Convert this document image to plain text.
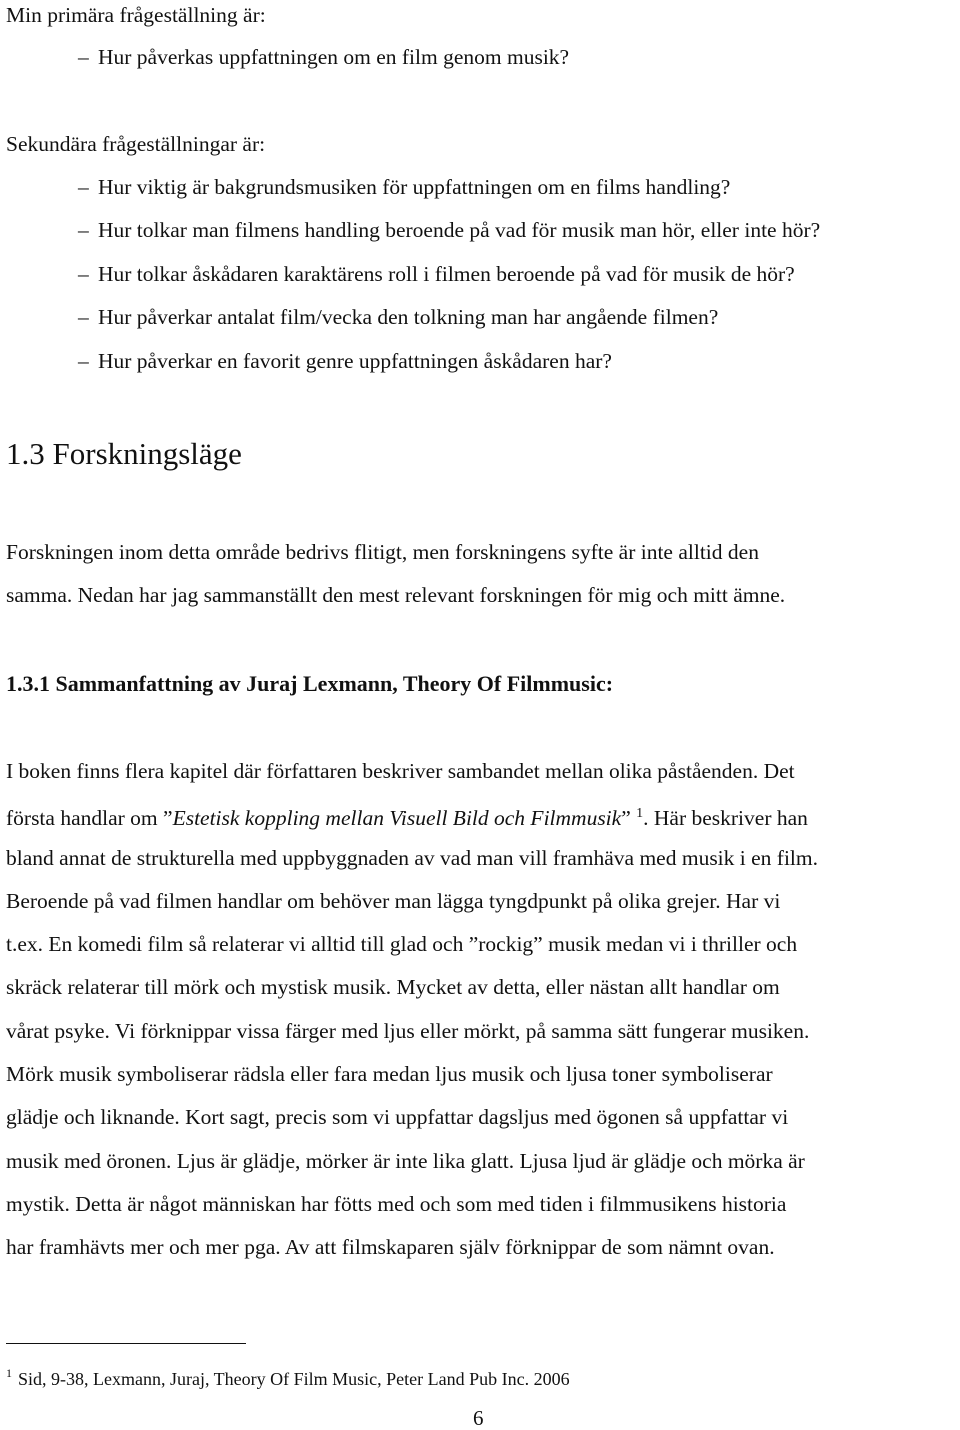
Min primära frågeställning är:
– Hur påverkas uppfattningen om en film genom musik?
Sekundära frågeställningar är:
– Hur viktig är bakgrundsmusiken för uppfattningen om en films handling?
– Hur tolkar man filmens handling beroende på vad för musik man hör, eller inte hör?
– Hur tolkar åskådaren karaktärens roll i filmen beroende på vad för musik de hör?
– Hur påverkar antalat film/vecka den tolkning man har angående filmen?
– Hur påverkar en favorit genre uppfattningen åskådaren har?
1.3 Forskningsläge
Forskningen inom detta område bedrivs flitigt, men forskningens syfte är inte alltid den
samma. Nedan har jag sammanställt den mest relevant forskningen för mig och mitt ämne.
1.3.1 Sammanfattning av Juraj Lexmann, Theory Of Filmmusic:
I boken finns flera kapitel där författaren beskriver sambandet mellan olika påståenden. Det
första handlar om ”Estetisk koppling mellan Visuell Bild och Filmmusik” $^1$. Här beskriver han
bland annat de strukturella med uppbyggnaden av vad man vill framhäva med musik i en film.
Beroende på vad filmen handlar om behöver man lägga tyngdpunkt på olika grejer. Har vi
t.ex. En komedi film så relaterar vi alltid till glad och ”rockig” musik medan vi i thriller och
skräck relaterar till mörk och mystisk musik. Mycket av detta, eller nästan allt handlar om
vårat psyke. Vi förknippar vissa färger med ljus eller mörkt, på samma sätt fungerar musiken.
Mörk musik symboliserar rädsla eller fara medan ljus musik och ljusa toner symboliserar
glädje och liknande. Kort sagt, precis som vi uppfattar dagsljus med ögonen så uppfattar vi
musik med öronen. Ljus är glädje, mörker är inte lika glatt. Ljusa ljud är glädje och mörka är
mystik. Detta är något människan har fötts med och som med tiden i filmmusikens historia
har framhävts mer och mer pga. Av att filmskaparen själv förknippar de som nämnt ovan.
$^1$ Sid, 9-38, Lexmann, Juraj, Theory Of Film Music, Peter Land Pub Inc. 2006
6
